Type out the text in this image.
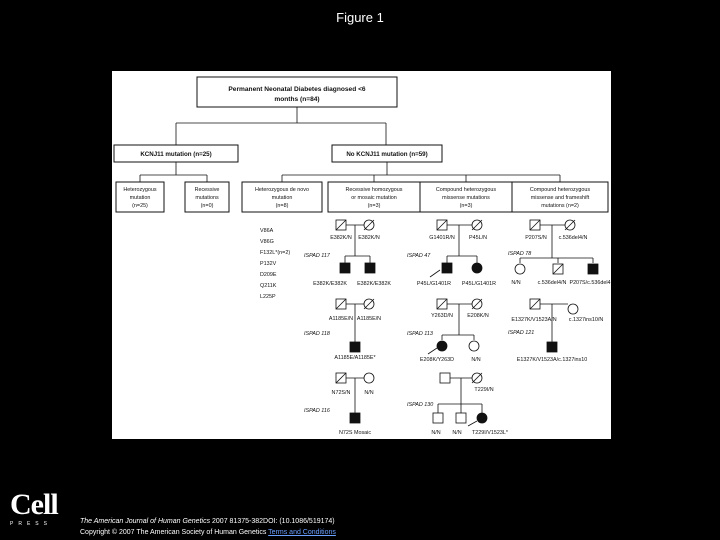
Figure 1
Permanent Neonatal Diabetes diagnosed <6
months (n=84)
KCNJ11 mutation (n=25)	No KCNJ11 mutation (n=59)
Heterozygous
mutation
(n=25)
Recessive
mutations
(n=0)
Heterozygous de novo
mutation
(n=8)
Recessive homozygous
or mosaic mutation
(n=3)
Compound heterozygous
missense mutations
(n=3)
Compound heterozygous
missense and frameshift
mutations (n=2)
V86A
V86G
F132L*(n=2)
P132V
D209E
Q211K
L225P
E382K/N E382K/N
ISPAD 117
E382K/E382K E382K/E382K
A1185E/N A1185E/N
ISPAD 118
A1185E/A1185E*
N72S/N	N/N
ISPAD 116
N72S Mosaic
G1401R/N	P45L/N
ISPAD 47
P45L/G1401R P45L/G1401R
Y263D/N	E208K/N
ISPAD 113
E208K/Y263D	N/N
ISPAD 130
T229I/N
N/N N/N T229I/V1523L*
P207S/N c.536del4/N
ISPAD 78
N/N	c.536del4/N P207S/c.536del4
E1327K/V1523A/N c.1327ins10/N
ISPAD 121
E1327K/V1523A/c.1327ins10
Cell
PRESS	The American Journal of Human Genetics 2007 81375-382DOI: (10.1086/519174)
Copyright © 2007 The American Society of Human Genetics Terms and Conditions
